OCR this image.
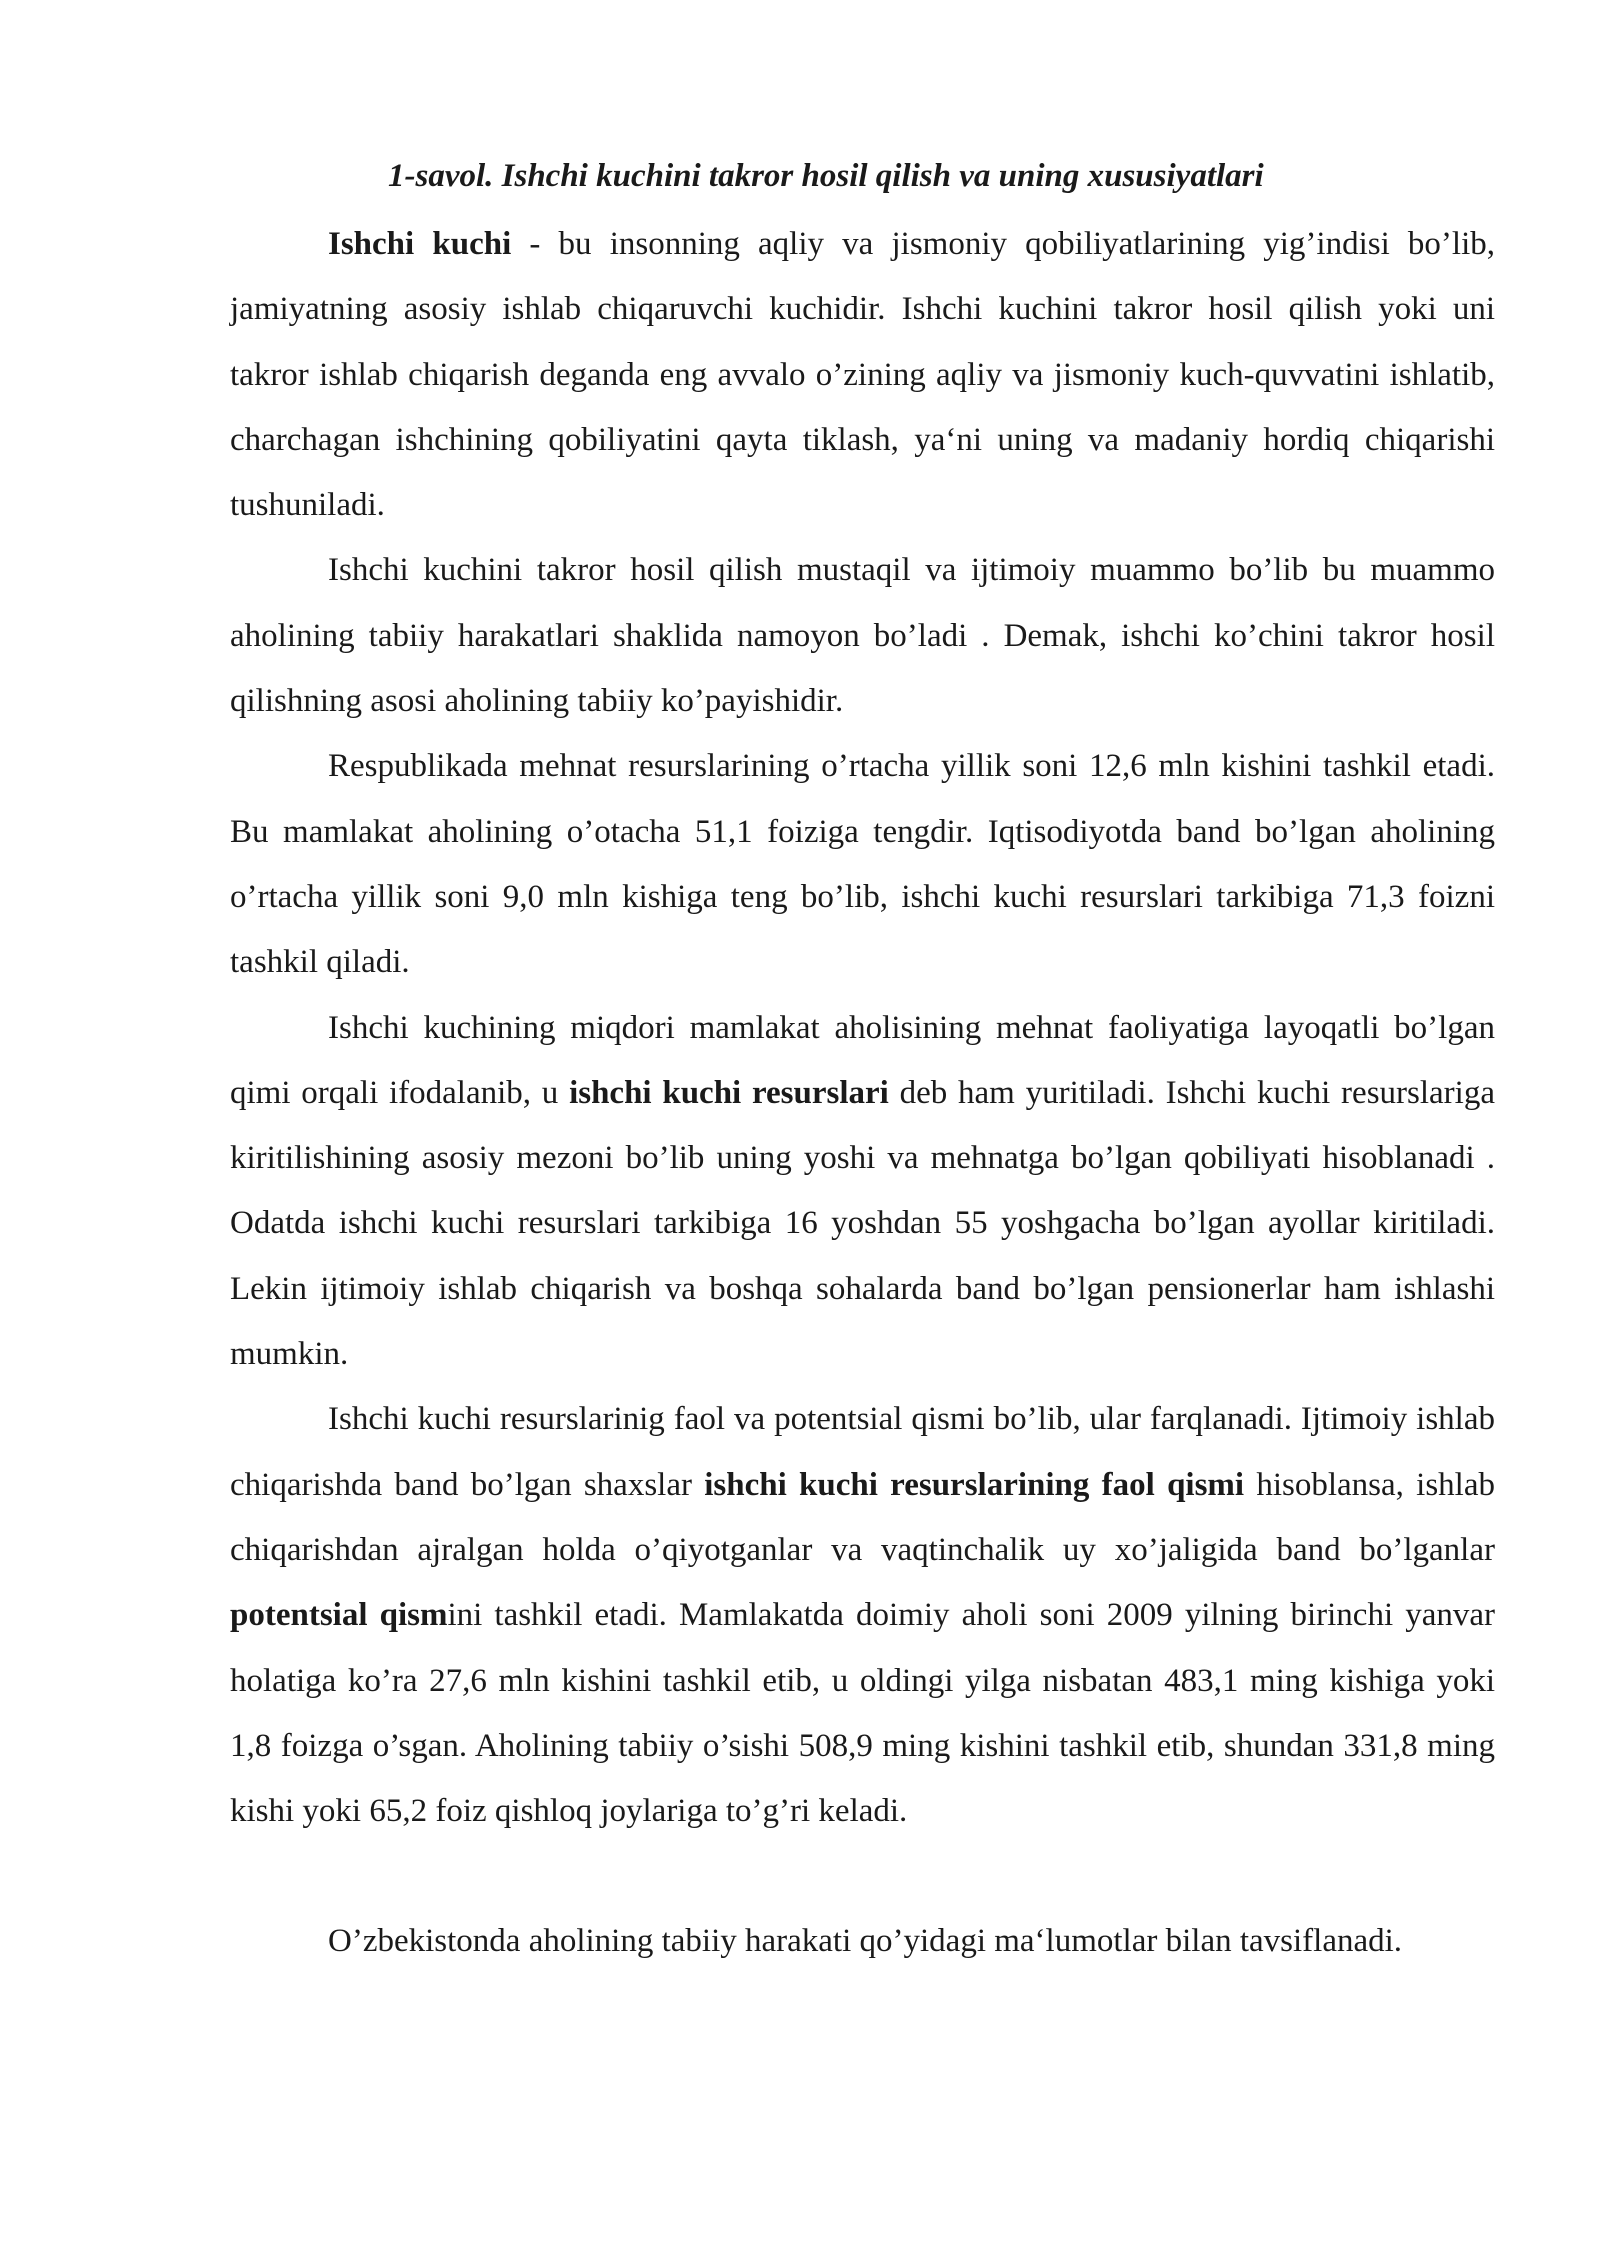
1-savol. Ishchi kuchini takror hosil qilish va uning xususiyatlari

Ishchi kuchi - bu insonning aqliy va jismoniy qobiliyatlarining yig’indisi bo’lib, jamiyatning asosiy ishlab chiqaruvchi kuchidir. Ishchi kuchini takror hosil qilish yoki uni takror ishlab chiqarish deganda eng avvalo o’zining aqliy va jismoniy kuch-quvvatini ishlatib, charchagan ishchining qobiliyatini qayta tiklash, ya‘ni uning va madaniy hordiq chiqarishi tushuniladi.

Ishchi kuchini takror hosil qilish mustaqil va ijtimoiy muammo bo’lib bu muammo aholining tabiiy harakatlari shaklida namoyon bo’ladi . Demak, ishchi ko’chini takror hosil qilishning asosi aholining tabiiy ko’payishidir.

Respublikada mehnat resurslarining o’rtacha yillik soni 12,6 mln kishini tashkil etadi. Bu mamlakat aholining o’otacha 51,1 foiziga tengdir. Iqtisodiyotda band bo’lgan aholining o’rtacha yillik soni 9,0 mln kishiga teng bo’lib, ishchi kuchi resurslari tarkibiga 71,3 foizni tashkil qiladi.

Ishchi kuchining miqdori mamlakat aholisining mehnat faoliyatiga layoqatli bo’lgan qimi orqali ifodalanib, u ishchi kuchi resurslari deb ham yuritiladi. Ishchi kuchi resurslariga kiritilishining asosiy mezoni bo’lib uning yoshi va mehnatga bo’lgan qobiliyati hisoblanadi . Odatda ishchi kuchi resurslari tarkibiga 16 yoshdan 55 yoshgacha bo’lgan ayollar kiritiladi. Lekin ijtimoiy ishlab chiqarish va boshqa sohalarda band bo’lgan pensionerlar ham ishlashi mumkin.

Ishchi kuchi resurslarinig faol va potentsial qismi bo’lib, ular farqlanadi. Ijtimoiy ishlab chiqarishda band bo’lgan shaxslar ishchi kuchi resurslarining faol qismi hisoblansa, ishlab chiqarishdan ajralgan holda o’qiyotganlar va vaqtinchalik uy xo’jaligida band bo’lganlar potentsial qismini tashkil etadi. Mamlakatda doimiy aholi soni 2009 yilning birinchi yanvar holatiga ko’ra 27,6 mln kishini tashkil etib, u oldingi yilga nisbatan 483,1 ming kishiga yoki 1,8 foizga o’sgan. Aholining tabiiy o’sishi 508,9 ming kishini tashkil etib, shundan 331,8 ming kishi yoki 65,2 foiz qishloq joylariga to’g’ri keladi.

O’zbekistonda aholining tabiiy harakati qo’yidagi ma‘lumotlar bilan tavsiflanadi.
